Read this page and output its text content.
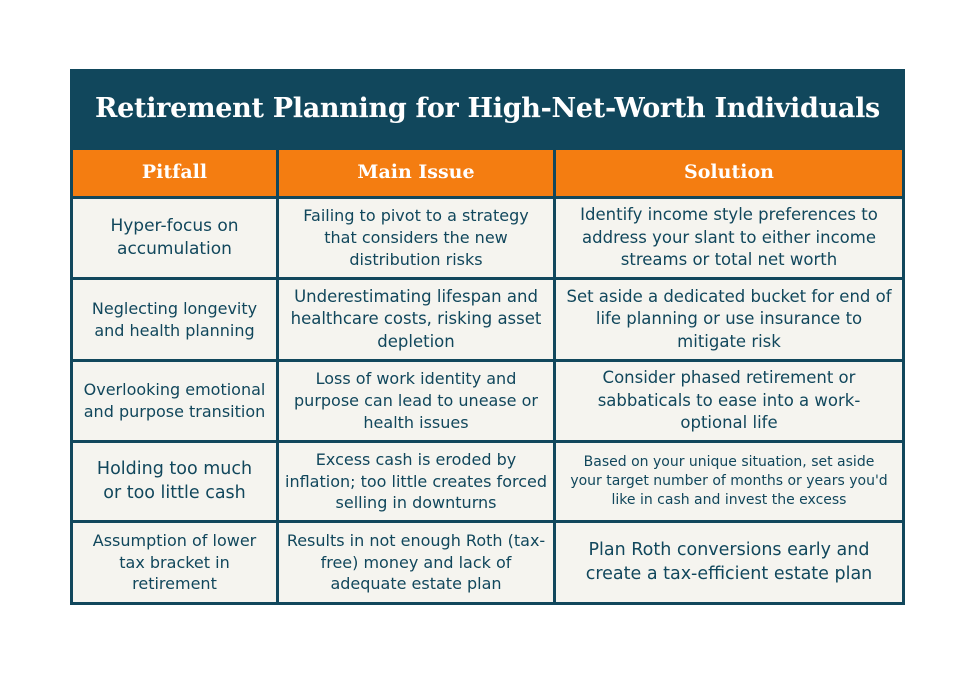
Retirement Planning for High-Net-Worth Individuals
Pitfall	Main Issue	Solution
Hyper-focus on accumulation
Failing to pivot to a strategy that considers the new distribution risks
Identify income style preferences to address your slant to either income streams or total net worth
Neglecting longevity and health planning
Underestimating lifespan and healthcare costs, risking asset depletion
Set aside a dedicated bucket for end of life planning or use insurance to mitigate risk
Overlooking emotional and purpose transition
Loss of work identity and purpose can lead to unease or health issues
Consider phased retirement or sabbaticals to ease into a work-optional life
Holding too much or too little cash
Excess cash is eroded by inflation; too little creates forced selling in downturns
Based on your unique situation, set aside your target number of months or years you'd like in cash and invest the excess
Assumption of lower tax bracket in retirement
Results in not enough Roth (tax-free) money and lack of adequate estate plan
Plan Roth conversions early and create a tax-efficient estate plan
